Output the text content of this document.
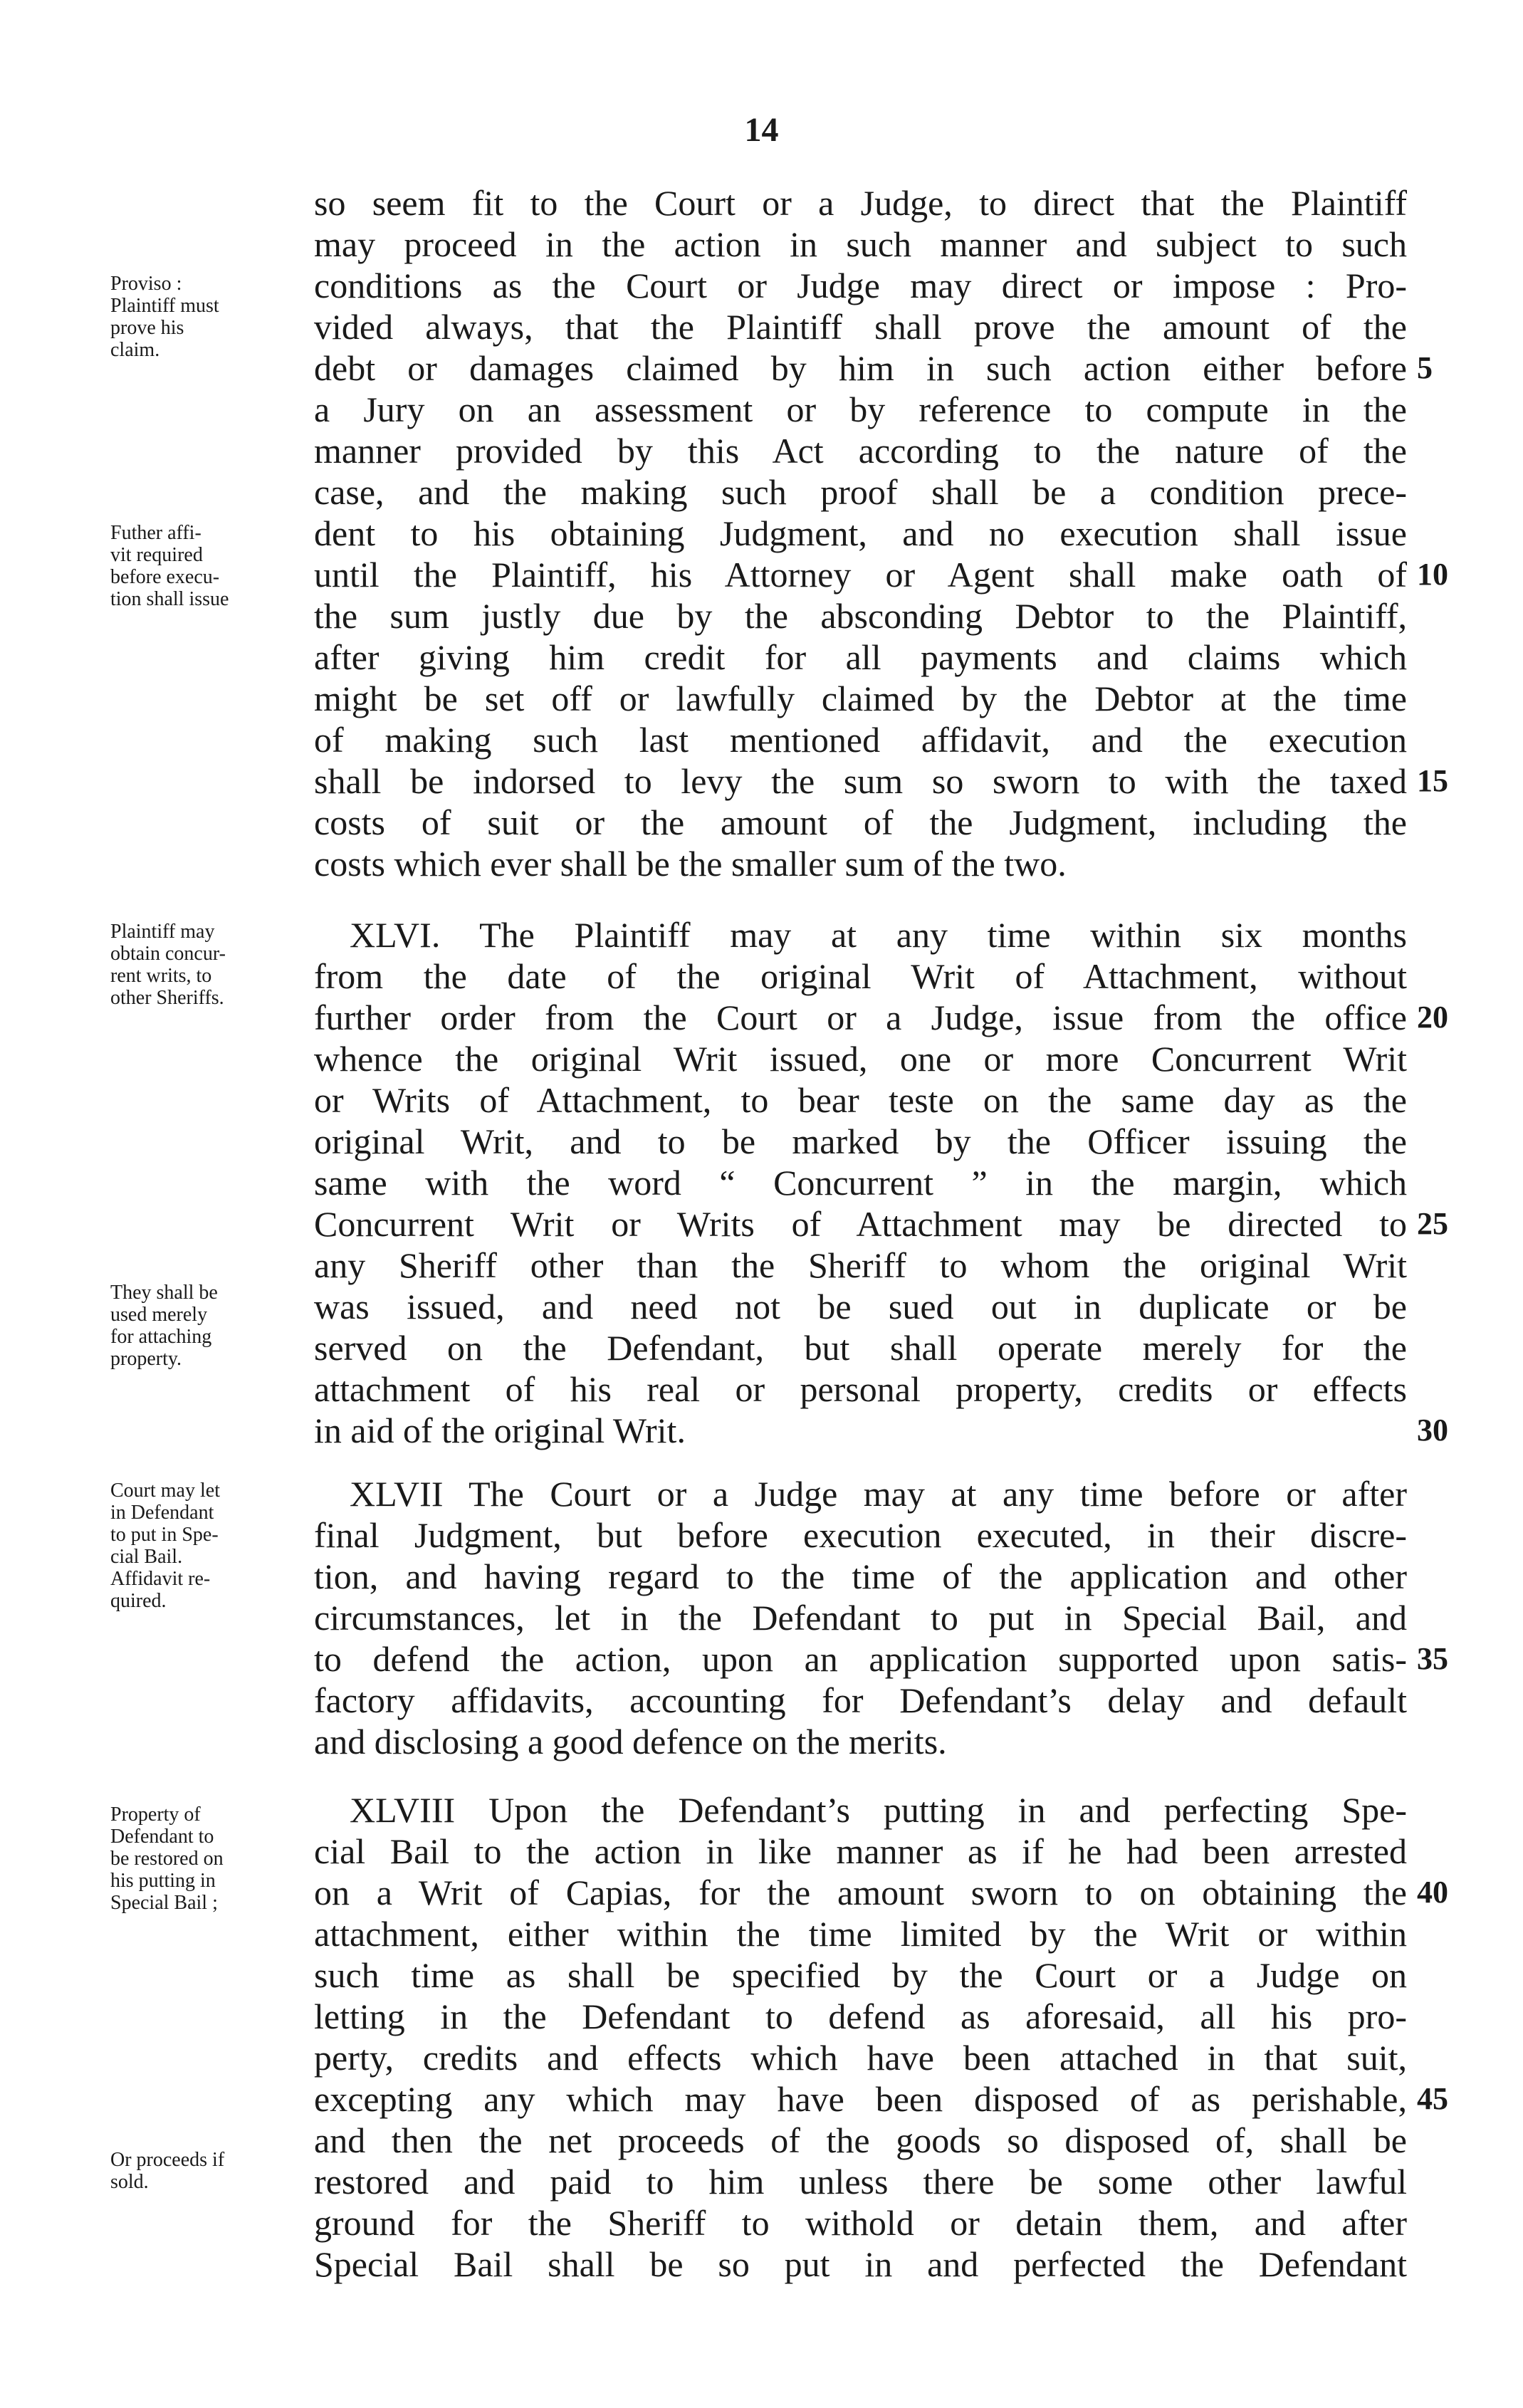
14
Proviso :
Plaintiff must
prove his
claim.
Futher affi-
vit required
before execu-
tion shall issue
Plaintiff may
obtain concur-
rent writs, to
other Sheriffs.
They shall be
used merely
for attaching
property.
Court may let
in Defendant
to put in Spe-
cial Bail.
Affidavit re-
quired.
Property of
Defendant to
be restored on
his putting in
Special Bail ;
Or proceeds if
sold.
so seem fit to the Court or a Judge, to direct that the Plaintiff
may proceed in the action in such manner and subject to such
conditions as the Court or Judge may direct or impose : Pro-
vided always, that the Plaintiff shall prove the amount of the
debt or damages claimed by him in such action either before
a Jury on an assessment or by reference to compute in the
manner provided by this Act according to the nature of the
case, and the making such proof shall be a condition prece-
dent to his obtaining Judgment, and no execution shall issue
until the Plaintiff, his Attorney or Agent shall make oath of
the sum justly due by the absconding Debtor to the Plaintiff,
after giving him credit for all payments and claims which
might be set off or lawfully claimed by the Debtor at the time
of making such last mentioned affidavit, and the execution
shall be indorsed to levy the sum so sworn to with the taxed
costs of suit or the amount of the Judgment, including the
costs which ever shall be the smaller sum of the two.
XLVI. The Plaintiff may at any time within six months
from the date of the original Writ of Attachment, without
further order from the Court or a Judge, issue from the office
whence the original Writ issued, one or more Concurrent Writ
or Writs of Attachment, to bear teste on the same day as the
original Writ, and to be marked by the Officer issuing the
same with the word “ Concurrent ” in the margin, which
Concurrent Writ or Writs of Attachment may be directed to
any Sheriff other than the Sheriff to whom the original Writ
was issued, and need not be sued out in duplicate or be
served on the Defendant, but shall operate merely for the
attachment of his real or personal property, credits or effects
in aid of the original Writ.
XLVII The Court or a Judge may at any time before or after
final Judgment, but before execution executed, in their discre-
tion, and having regard to the time of the application and other
circumstances, let in the Defendant to put in Special Bail, and
to defend the action, upon an application supported upon satis-
factory affidavits, accounting for Defendant’s delay and default
and disclosing a good defence on the merits.
XLVIII Upon the Defendant’s putting in and perfecting Spe-
cial Bail to the action in like manner as if he had been arrested
on a Writ of Capias, for the amount sworn to on obtaining the
attachment, either within the time limited by the Writ or within
such time as shall be specified by the Court or a Judge on
letting in the Defendant to defend as aforesaid, all his pro-
perty, credits and effects which have been attached in that suit,
excepting any which may have been disposed of as perishable,
and then the net proceeds of the goods so disposed of, shall be
restored and paid to him unless there be some other lawful
ground for the Sheriff to withold or detain them, and after
Special Bail shall be so put in and perfected the Defendant
5
10
15
20
25
30
35
40
45
